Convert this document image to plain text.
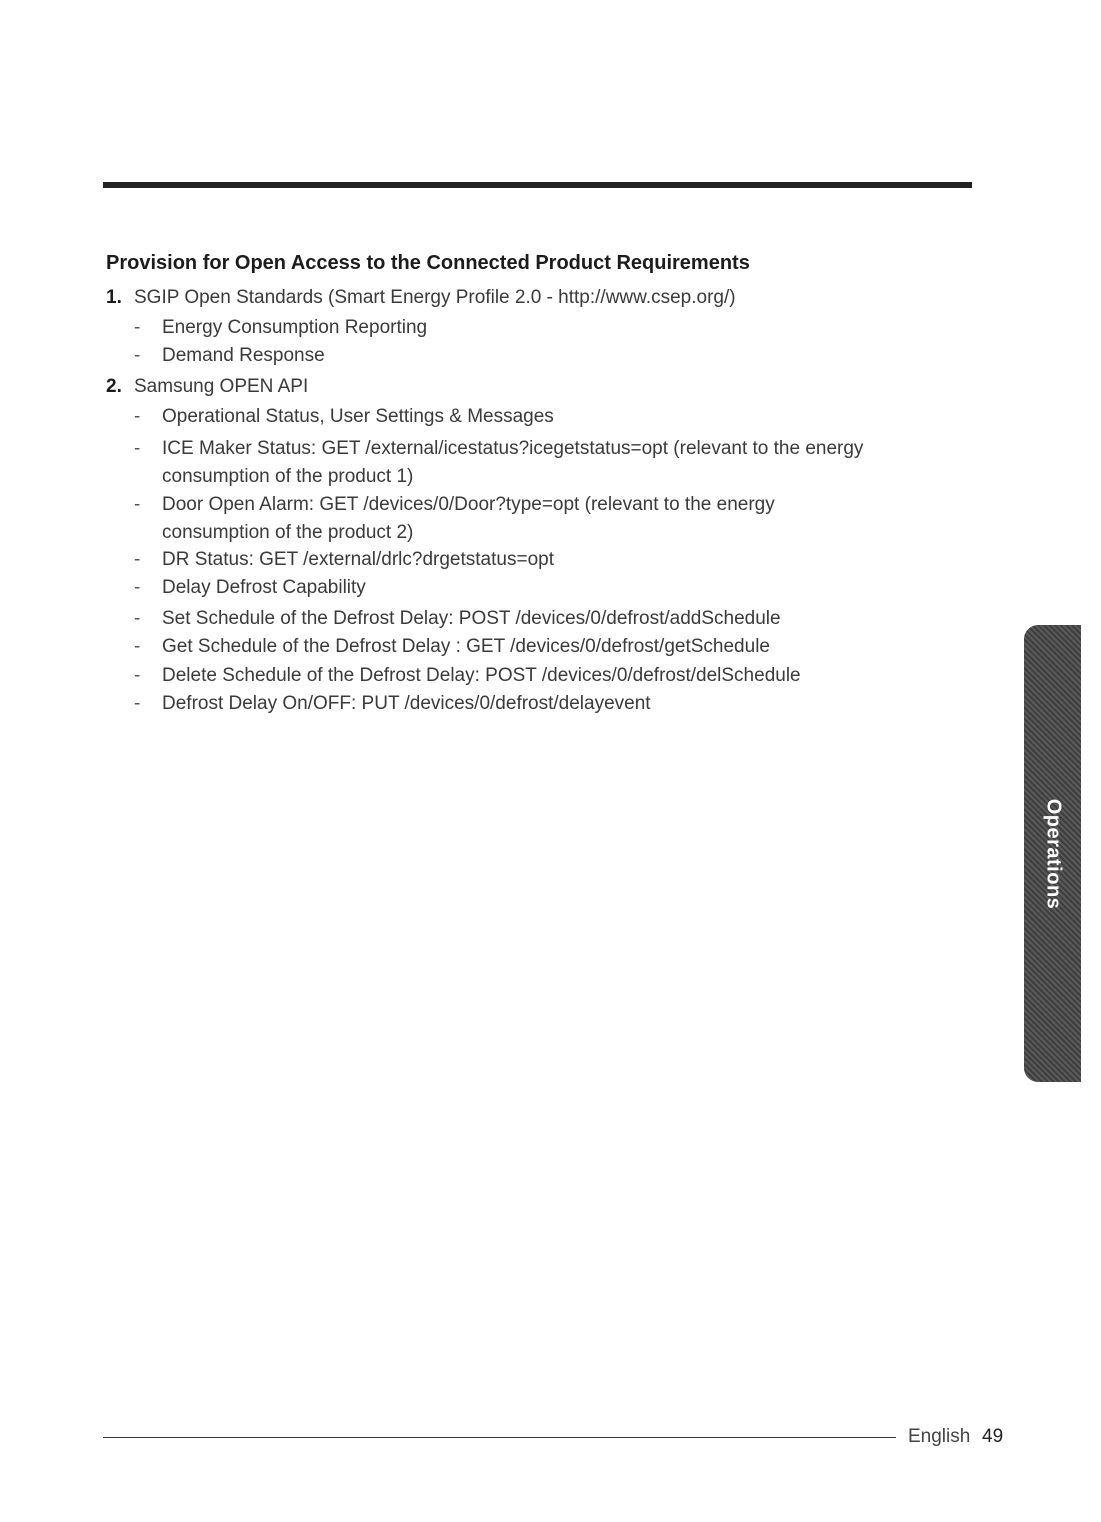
Provision for Open Access to the Connected Product Requirements
1. SGIP Open Standards (Smart Energy Profile 2.0 - http://www.csep.org/)
- Energy Consumption Reporting
- Demand Response
2. Samsung OPEN API
- Operational Status, User Settings & Messages
- ICE Maker Status: GET /external/icestatus?icegetstatus=opt (relevant to the energy
consumption of the product 1)
- Door Open Alarm: GET /devices/0/Door?type=opt (relevant to the energy
consumption of the product 2)
- DR Status: GET /external/drlc?drgetstatus=opt
- Delay Defrost Capability
- Set Schedule of the Defrost Delay: POST /devices/0/defrost/addSchedule
- Get Schedule of the Defrost Delay : GET /devices/0/defrost/getSchedule
- Delete Schedule of the Defrost Delay: POST /devices/0/defrost/delSchedule
- Defrost Delay On/OFF: PUT /devices/0/defrost/delayevent
Operations
English 49
